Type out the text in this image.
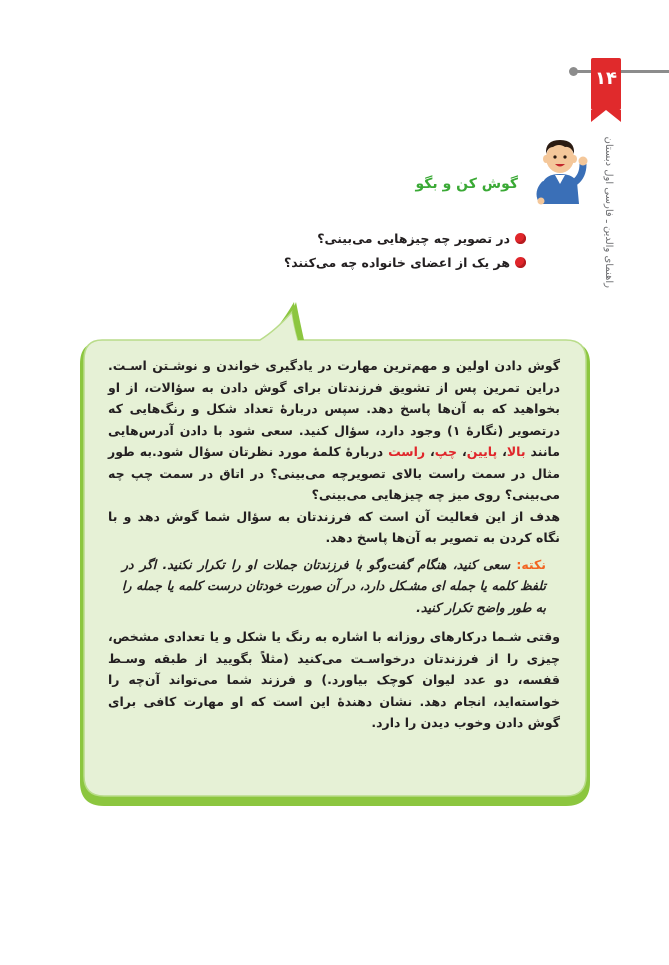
۱۴
راهنمای والدین ـ فارسی اول دبستان
گوش کن و بگو
در تصویر چه چیزهایی می‌بینی؟
هر یک از اعضای خانواده چه می‌کنند؟

گوش دادن اولین و مهم‌ترین مهارت در یادگیری خواندن و نوشـتن اسـت. دراین تمرین پس از تشویق فرزندتان برای گوش دادن به سؤالات، از او بخواهید که به آن‌ها پاسخ دهد. سپس دربارهٔ تعداد شکل و رنگ‌هایی که درتصویر (نگارهٔ ۱) وجود دارد، سؤال کنید. سعی شود با دادن آدرس‌هایی مانند بالا، پایین، چپ، راست دربارهٔ کلمهٔ مورد نظرتان سؤال شود.به طور مثال در سمت راست بالای تصویرچه می‌بینی؟ در اتاق در سمت چپ چه می‌بینی؟ روی میز چه چیزهایی می‌بینی؟

هدف از این فعالیت آن است که فرزندتان به سؤال شما گوش دهد و با نگاه کردن به تصویر به آن‌ها پاسخ دهد.

نکته: سعی کنید، هنگام گفت‌وگو با فرزندتان جملات او را تکرار نکنید. اگر در تلفظ کلمه یا جمله ای مشـکل دارد، در آن صورت خودتان درست کلمه یا جمله را به طور واضح تکرار کنید.

وقتی شـما درکارهای روزانه با اشاره به رنگ یا شکل و یا تعدادی مشخص، چیزی را از فرزندتان درخواسـت می‌کنید (مثلاً بگویید از طبقه وسـط قفسه، دو عدد لیوان کوچک بیاورد.) و فرزند شما می‌تواند آن‌چه را خواسته‌اید، انجام دهد. نشان دهندهٔ این است که او مهارت کافی برای گوش دادن وخوب دیدن را دارد.
